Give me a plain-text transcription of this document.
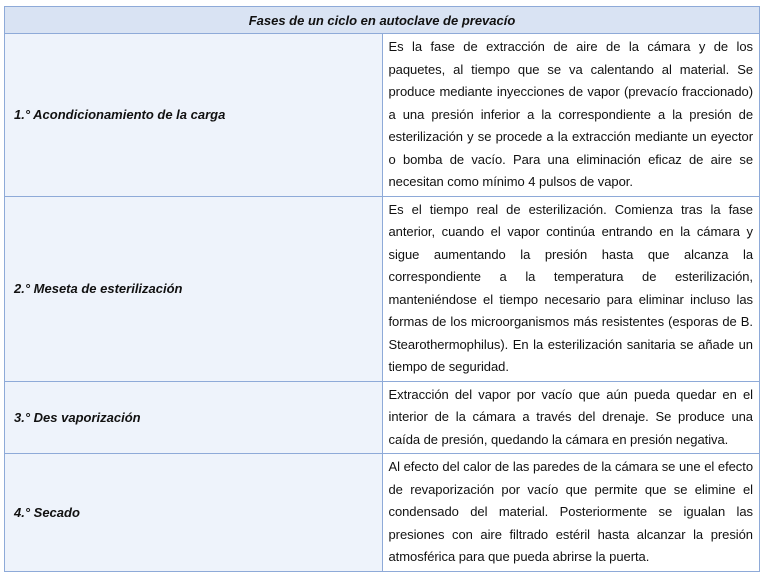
Fases de un ciclo en autoclave de prevacío	
1.° Acondicionamiento de la carga	Es la fase de extracción de aire de la cámara y de los paquetes, al tiempo que se va calentando al material. Se produce mediante inyecciones de vapor (prevacío fraccionado) a una presión inferior a la correspondiente a la presión de esterilización y se procede a la extracción mediante un eyector o bomba de vacío. Para una eliminación eficaz de aire se necesitan como mínimo 4 pulsos de vapor.
2.° Meseta de esterilización	Es el tiempo real de esterilización. Comienza tras la fase anterior, cuando el vapor continúa entrando en la cámara y sigue aumentando la presión hasta que alcanza la correspondiente a la temperatura de esterilización, manteniéndose el tiempo necesario para eliminar incluso las formas de los microorganismos más resistentes (esporas de B. Stearothermophilus). En la esterilización sanitaria se añade un tiempo de seguridad.
3.° Des vaporización	Extracción del vapor por vacío que aún pueda quedar en el interior de la cámara a través del drenaje. Se produce una caída de presión, quedando la cámara en presión negativa.
4.° Secado	Al efecto del calor de las paredes de la cámara se une el efecto de revaporización por vacío que permite que se elimine el condensado del material. Posteriormente se igualan las presiones con aire filtrado estéril hasta alcanzar la presión atmosférica para que pueda abrirse la puerta.
